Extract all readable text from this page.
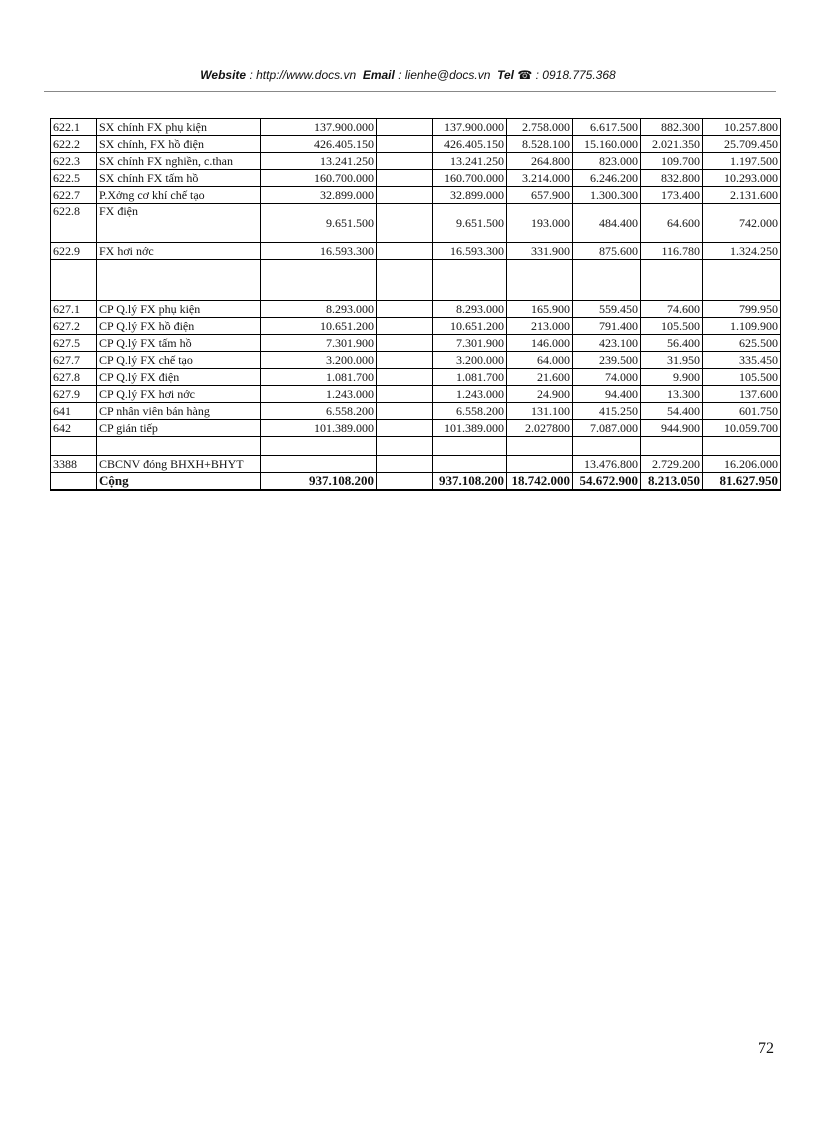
Website : http://www.docs.vn Email : lienhe@docs.vn Tel ☎ : 0918.775.368
622.1	SX chính FX phụ kiện	137.900.000		137.900.000	2.758.000	6.617.500	882.300	10.257.800
622.2	SX chính, FX hồ điện	426.405.150		426.405.150	8.528.100	15.160.000	2.021.350	25.709.450
622.3	SX chính FX nghiền, c.than	13.241.250		13.241.250	264.800	823.000	109.700	1.197.500
622.5	SX chính FX tấm hồ	160.700.000		160.700.000	3.214.000	6.246.200	832.800	10.293.000
622.7	P.Xởng cơ khí chế tạo	32.899.000		32.899.000	657.900	1.300.300	173.400	2.131.600
622.8	FX điện	9.651.500		9.651.500	193.000	484.400	64.600	742.000
622.9	FX hơi nớc	16.593.300		16.593.300	331.900	875.600	116.780	1.324.250

627.1	CP Q.lý FX phụ kiện	8.293.000		8.293.000	165.900	559.450	74.600	799.950
627.2	CP Q.lý FX hồ điện	10.651.200		10.651.200	213.000	791.400	105.500	1.109.900
627.5	CP Q.lý FX tấm hồ	7.301.900		7.301.900	146.000	423.100	56.400	625.500
627.7	CP Q.lý FX chế tạo	3.200.000		3.200.000	64.000	239.500	31.950	335.450
627.8	CP Q.lý FX điện	1.081.700		1.081.700	21.600	74.000	9.900	105.500
627.9	CP Q.lý FX hơi nớc	1.243.000		1.243.000	24.900	94.400	13.300	137.600
641	CP nhân viên bán hàng	6.558.200		6.558.200	131.100	415.250	54.400	601.750
642	CP gián tiếp	101.389.000		101.389.000	2.027800	7.087.000	944.900	10.059.700

3388	CBCNV đóng BHXH+BHYT					13.476.800	2.729.200	16.206.000
	Cộng	937.108.200		937.108.200	18.742.000	54.672.900	8.213.050	81.627.950
72
